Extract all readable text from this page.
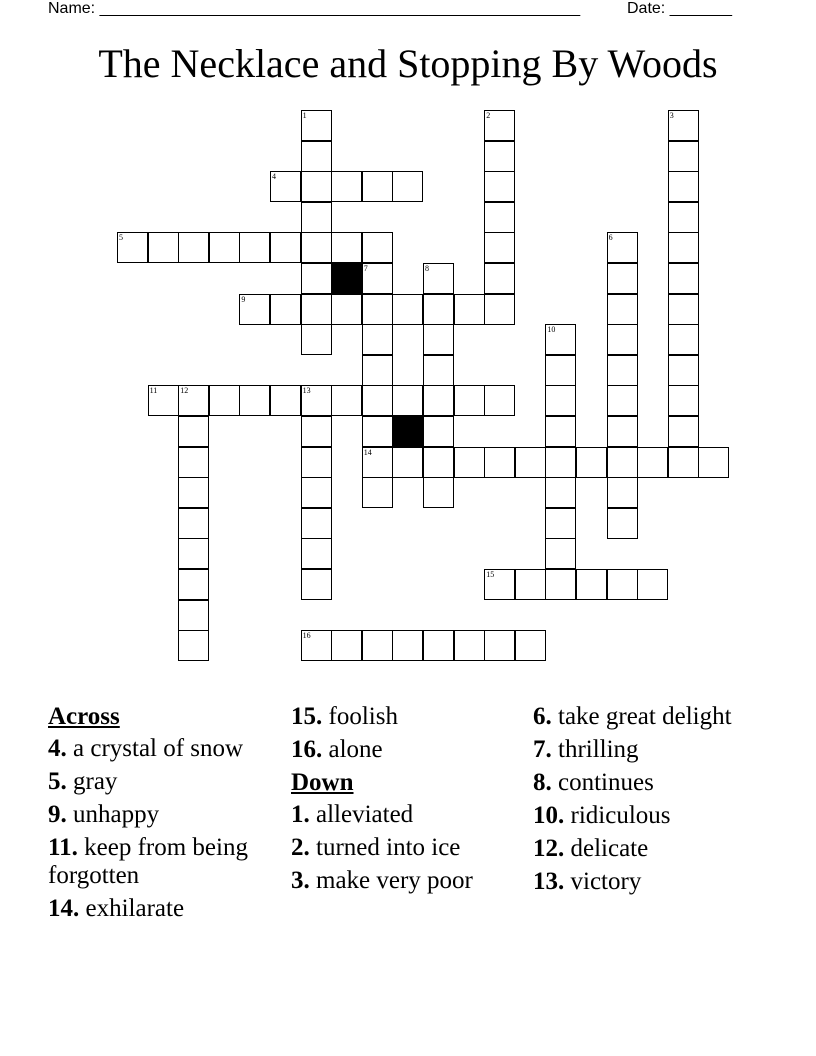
Name: ______________________________________________________	Date: _______
The Necklace and Stopping By Woods
4
5
9
11	12	13
14
15
16
1	2	3
6
7	8
10
Across
4. a crystal of snow
5. gray
9. unhappy
11. keep from being forgotten
14. exhilarate
15. foolish
16. alone
Down
1. alleviated
2. turned into ice
3. make very poor
6. take great delight
7. thrilling
8. continues
10. ridiculous
12. delicate
13. victory
